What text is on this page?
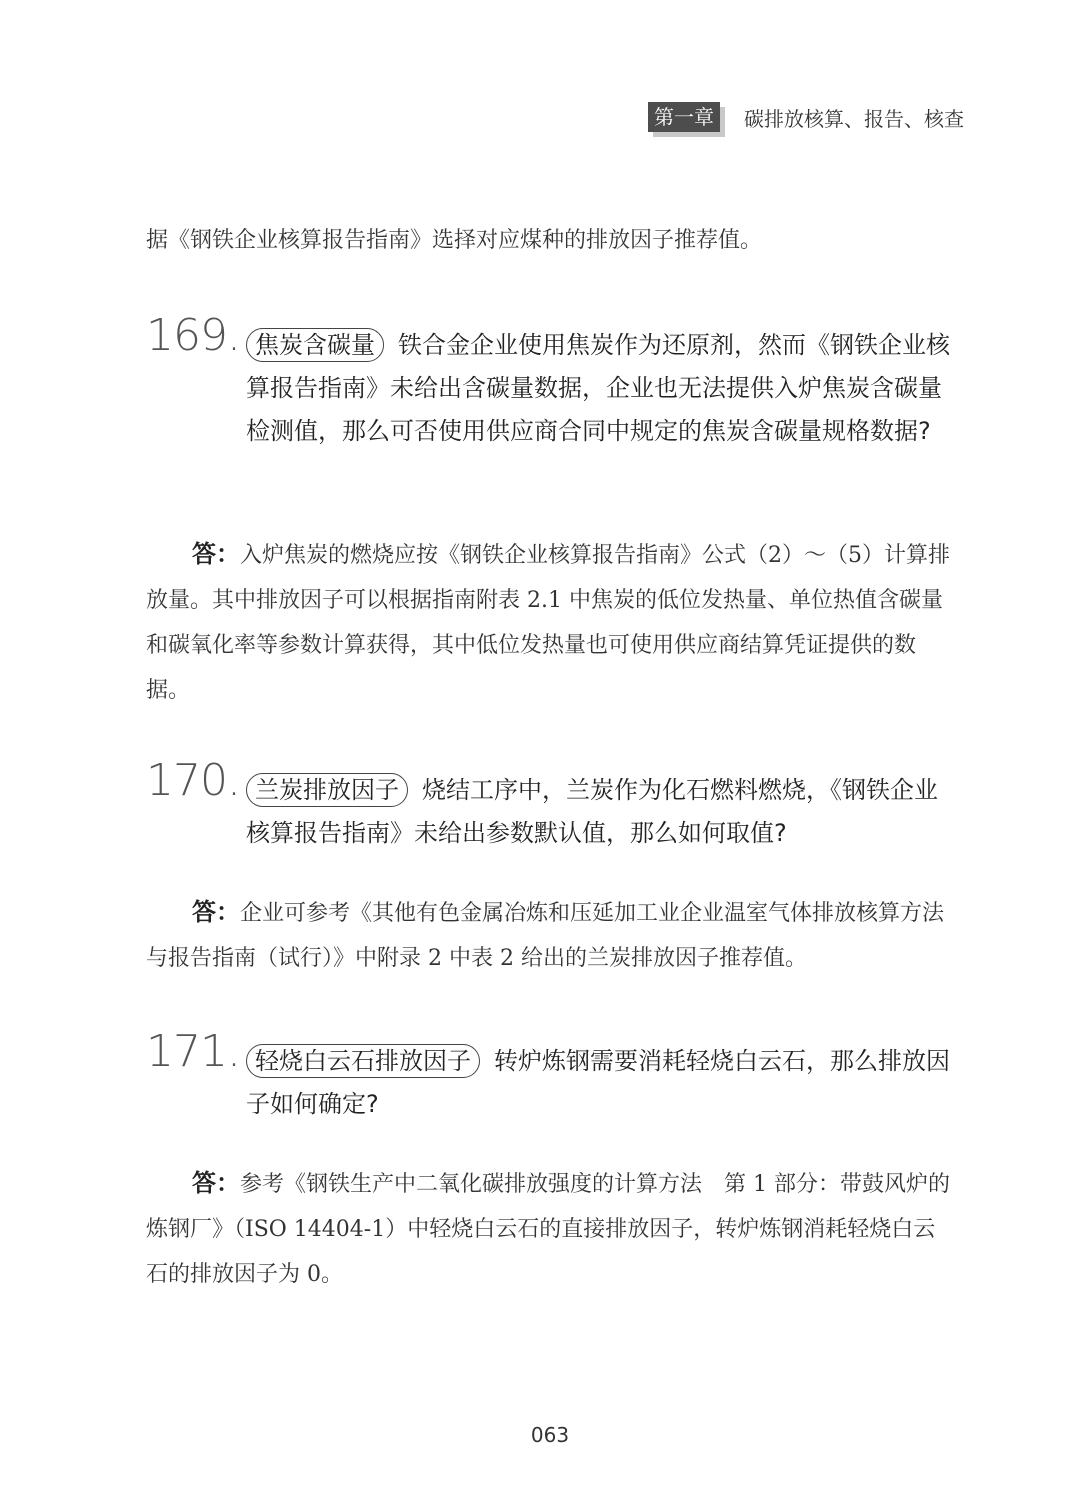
第一章	碳排放核算、报告、核查

据《钢铁企业核算报告指南》选择对应煤种的排放因子推荐值。

169. 焦炭含碳量 铁合金企业使用焦炭作为还原剂，然而《钢铁企业核算报告指南》未给出含碳量数据，企业也无法提供入炉焦炭含碳量检测值，那么可否使用供应商合同中规定的焦炭含碳量规格数据?

答：入炉焦炭的燃烧应按《钢铁企业核算报告指南》公式（2）～（5）计算排放量。其中排放因子可以根据指南附表 2.1 中焦炭的低位发热量、单位热值含碳量和碳氧化率等参数计算获得，其中低位发热量也可使用供应商结算凭证提供的数据。

170. 兰炭排放因子 烧结工序中，兰炭作为化石燃料燃烧，《钢铁企业核算报告指南》未给出参数默认值，那么如何取值?

答：企业可参考《其他有色金属冶炼和压延加工业企业温室气体排放核算方法与报告指南（试行）》中附录 2 中表 2 给出的兰炭排放因子推荐值。

171. 轻烧白云石排放因子 转炉炼钢需要消耗轻烧白云石，那么排放因子如何确定?

答：参考《钢铁生产中二氧化碳排放强度的计算方法　第 1 部分：带鼓风炉的炼钢厂》（ISO 14404-1）中轻烧白云石的直接排放因子，转炉炼钢消耗轻烧白云石的排放因子为 0。

063
